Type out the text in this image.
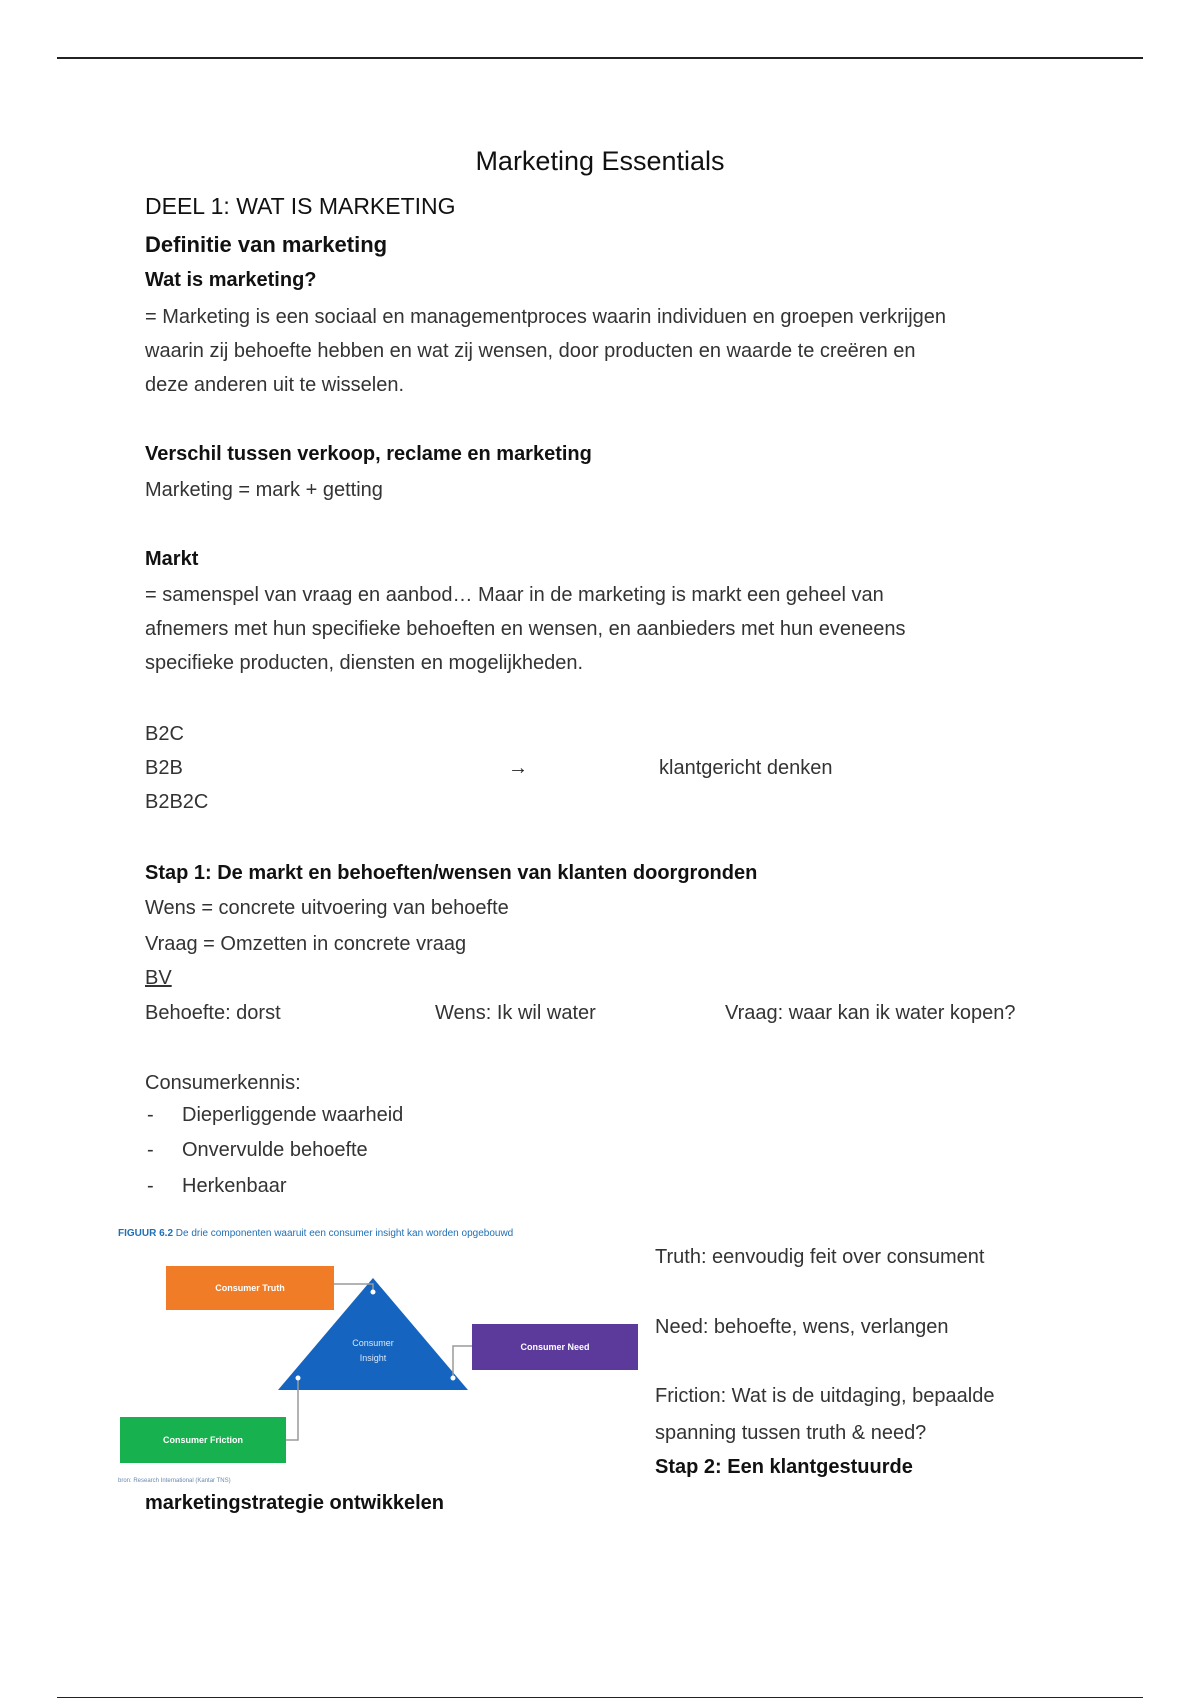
Marketing Essentials
DEEL 1: WAT IS MARKETING
Definitie van marketing
Wat is marketing?
= Marketing is een sociaal en managementproces waarin individuen en groepen verkrijgen
waarin zij behoefte hebben en wat zij wensen, door producten en waarde te creëren en
deze anderen uit te wisselen.
Verschil tussen verkoop, reclame en marketing
Marketing = mark + getting
Markt
= samenspel van vraag en aanbod… Maar in de marketing is markt een geheel van
afnemers met hun specifieke behoeften en wensen, en aanbieders met hun eveneens
specifieke producten, diensten en mogelijkheden.
B2C
B2B	→	klantgericht denken
B2B2C
Stap 1: De markt en behoeften/wensen van klanten doorgronden
Wens = concrete uitvoering van behoefte
Vraag = Omzetten in concrete vraag
BV
Behoefte: dorst	Wens: Ik wil water	Vraag: waar kan ik water kopen?
Consumerkennis:
- Dieperliggende waarheid
- Onvervulde behoefte
- Herkenbaar
FIGUUR 6.2 De drie componenten waaruit een consumer insight kan worden opgebouwd
Consumer Truth
Consumer Need
Consumer Friction
Consumer
Insight
bron: Research International (Kantar TNS)
Truth: eenvoudig feit over consument
Need: behoefte, wens, verlangen
Friction: Wat is de uitdaging, bepaalde
spanning tussen truth & need?
Stap 2: Een klantgestuurde
marketingstrategie ontwikkelen
